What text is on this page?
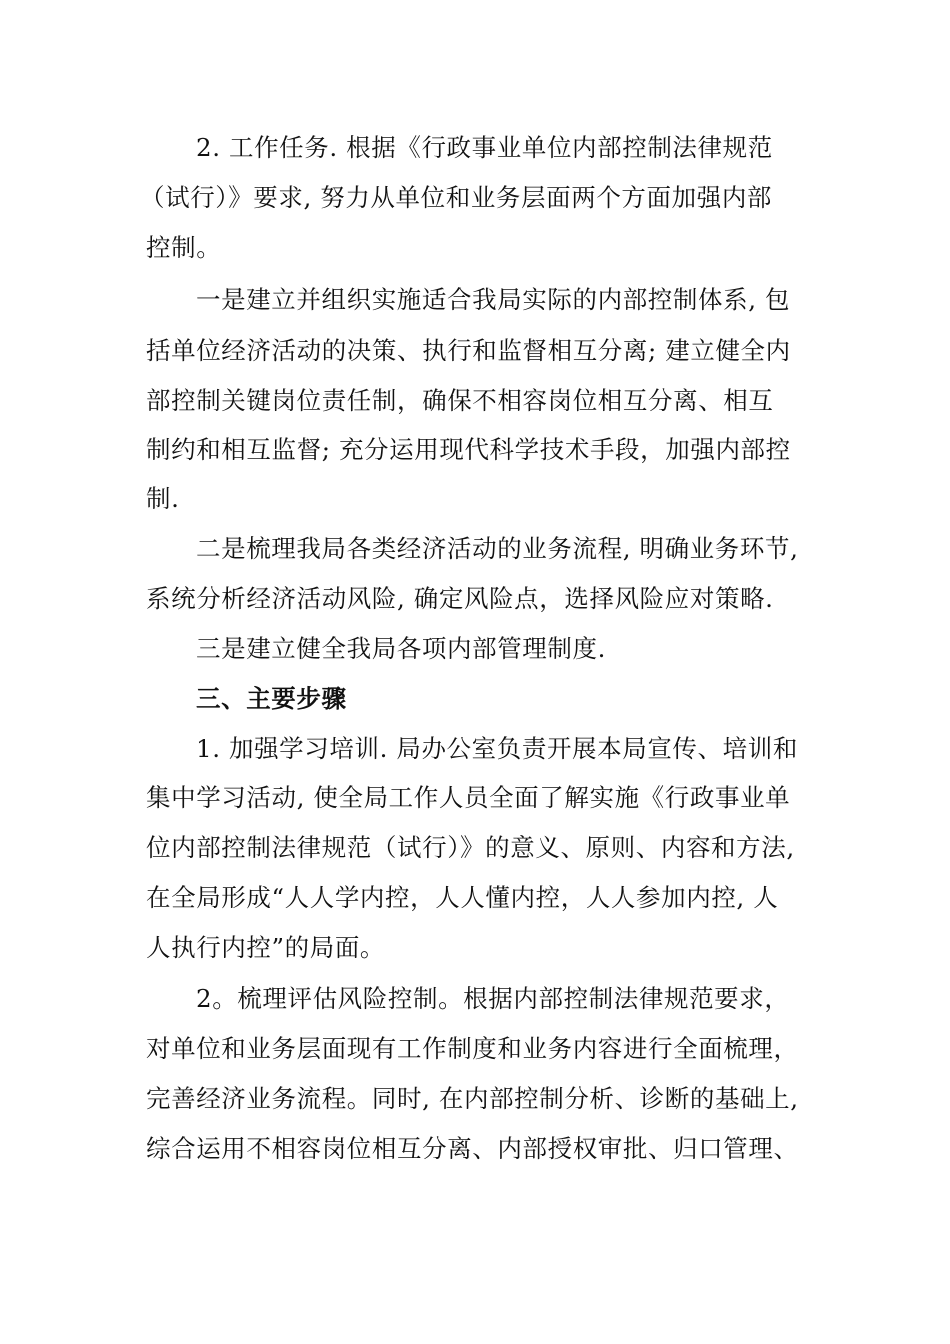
2. 工作任务. 根据《行政事业单位内部控制法律规范
（试行）》要求, 努力从单位和业务层面两个方面加强内部
控制。
一是建立并组织实施适合我局实际的内部控制体系, 包
括单位经济活动的决策、执行和监督相互分离; 建立健全内
部控制关键岗位责任制，确保不相容岗位相互分离、相互
制约和相互监督; 充分运用现代科学技术手段，加强内部控
制.
二是梳理我局各类经济活动的业务流程, 明确业务环节,
系统分析经济活动风险, 确定风险点，选择风险应对策略.
三是建立健全我局各项内部管理制度.
三、主要步骤
1. 加强学习培训. 局办公室负责开展本局宣传、培训和
集中学习活动, 使全局工作人员全面了解实施《行政事业单
位内部控制法律规范（试行）》的意义、原则、内容和方法,
在全局形成“人人学内控，人人懂内控，人人参加内控, 人
人执行内控”的局面。
2。梳理评估风险控制。根据内部控制法律规范要求，
对单位和业务层面现有工作制度和业务内容进行全面梳理，
完善经济业务流程。同时, 在内部控制分析、诊断的基础上,
综合运用不相容岗位相互分离、内部授权审批、归口管理、
